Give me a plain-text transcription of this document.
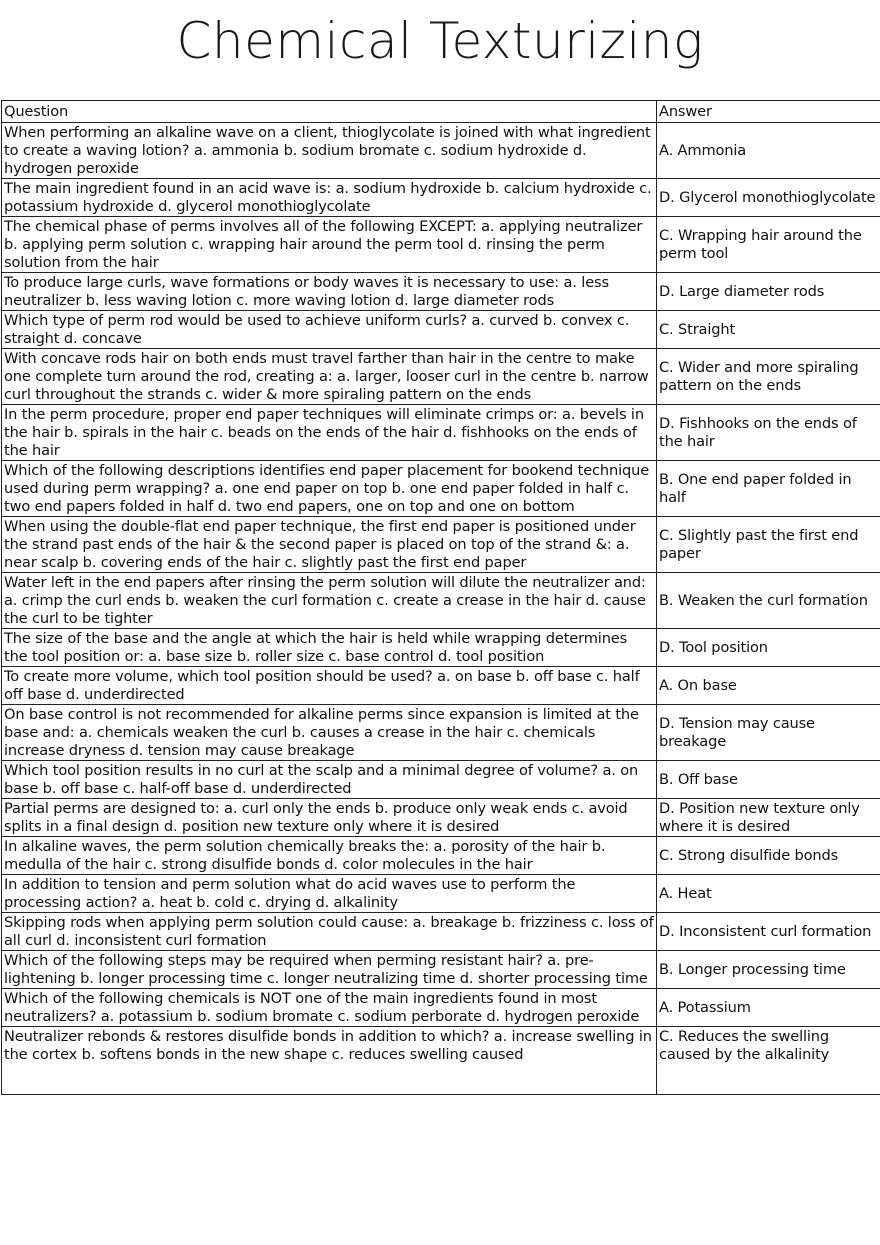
Chemical Texturizing
Question	Answer
When performing an alkaline wave on a client, thioglycolate is joined with what ingredient to create a waving lotion? a. ammonia b. sodium bromate c. sodium hydroxide d. hydrogen peroxide	A. Ammonia
The main ingredient found in an acid wave is: a. sodium hydroxide b. calcium hydroxide c. potassium hydroxide d. glycerol monothioglycolate	D. Glycerol monothioglycolate
The chemical phase of perms involves all of the following EXCEPT: a. applying neutralizer b. applying perm solution c. wrapping hair around the perm tool d. rinsing the perm solution from the hair	C. Wrapping hair around the perm tool
To produce large curls, wave formations or body waves it is necessary to use: a. less neutralizer b. less waving lotion c. more waving lotion d. large diameter rods	D. Large diameter rods
Which type of perm rod would be used to achieve uniform curls? a. curved b. convex c. straight d. concave	C. Straight
With concave rods hair on both ends must travel farther than hair in the centre to make one complete turn around the rod, creating a: a. larger, looser curl in the centre b. narrow curl throughout the strands c. wider & more spiraling pattern on the ends	C. Wider and more spiraling pattern on the ends
In the perm procedure, proper end paper techniques will eliminate crimps or: a. bevels in the hair b. spirals in the hair c. beads on the ends of the hair d. fishhooks on the ends of the hair	D. Fishhooks on the ends of the hair
Which of the following descriptions identifies end paper placement for bookend technique used during perm wrapping? a. one end paper on top b. one end paper folded in half c. two end papers folded in half d. two end papers, one on top and one on bottom	B. One end paper folded in half
When using the double-flat end paper technique, the first end paper is positioned under the strand past ends of the hair & the second paper is placed on top of the strand &: a. near scalp b. covering ends of the hair c. slightly past the first end paper	C. Slightly past the first end paper
Water left in the end papers after rinsing the perm solution will dilute the neutralizer and: a. crimp the curl ends b. weaken the curl formation c. create a crease in the hair d. cause the curl to be tighter	B. Weaken the curl formation
The size of the base and the angle at which the hair is held while wrapping determines the tool position or: a. base size b. roller size c. base control d. tool position	D. Tool position
To create more volume, which tool position should be used? a. on base b. off base c. half off base d. underdirected	A. On base
On base control is not recommended for alkaline perms since expansion is limited at the base and: a. chemicals weaken the curl b. causes a crease in the hair c. chemicals increase dryness d. tension may cause breakage	D. Tension may cause breakage
Which tool position results in no curl at the scalp and a minimal degree of volume? a. on base b. off base c. half-off base d. underdirected	B. Off base
Partial perms are designed to: a. curl only the ends b. produce only weak ends c. avoid splits in a final design d. position new texture only where it is desired	D. Position new texture only where it is desired
In alkaline waves, the perm solution chemically breaks the: a. porosity of the hair b. medulla of the hair c. strong disulfide bonds d. color molecules in the hair	C. Strong disulfide bonds
In addition to tension and perm solution what do acid waves use to perform the processing action? a. heat b. cold c. drying d. alkalinity	A. Heat
Skipping rods when applying perm solution could cause: a. breakage b. frizziness c. loss of all curl d. inconsistent curl formation	D. Inconsistent curl formation
Which of the following steps may be required when perming resistant hair? a. pre-lightening b. longer processing time c. longer neutralizing time d. shorter processing time	B. Longer processing time
Which of the following chemicals is NOT one of the main ingredients found in most neutralizers? a. potassium b. sodium bromate c. sodium perborate d. hydrogen peroxide	A. Potassium
Neutralizer rebonds & restores disulfide bonds in addition to which? a. increase swelling in the cortex b. softens bonds in the new shape c. reduces swelling caused	C. Reduces the swelling caused by the alkalinity
